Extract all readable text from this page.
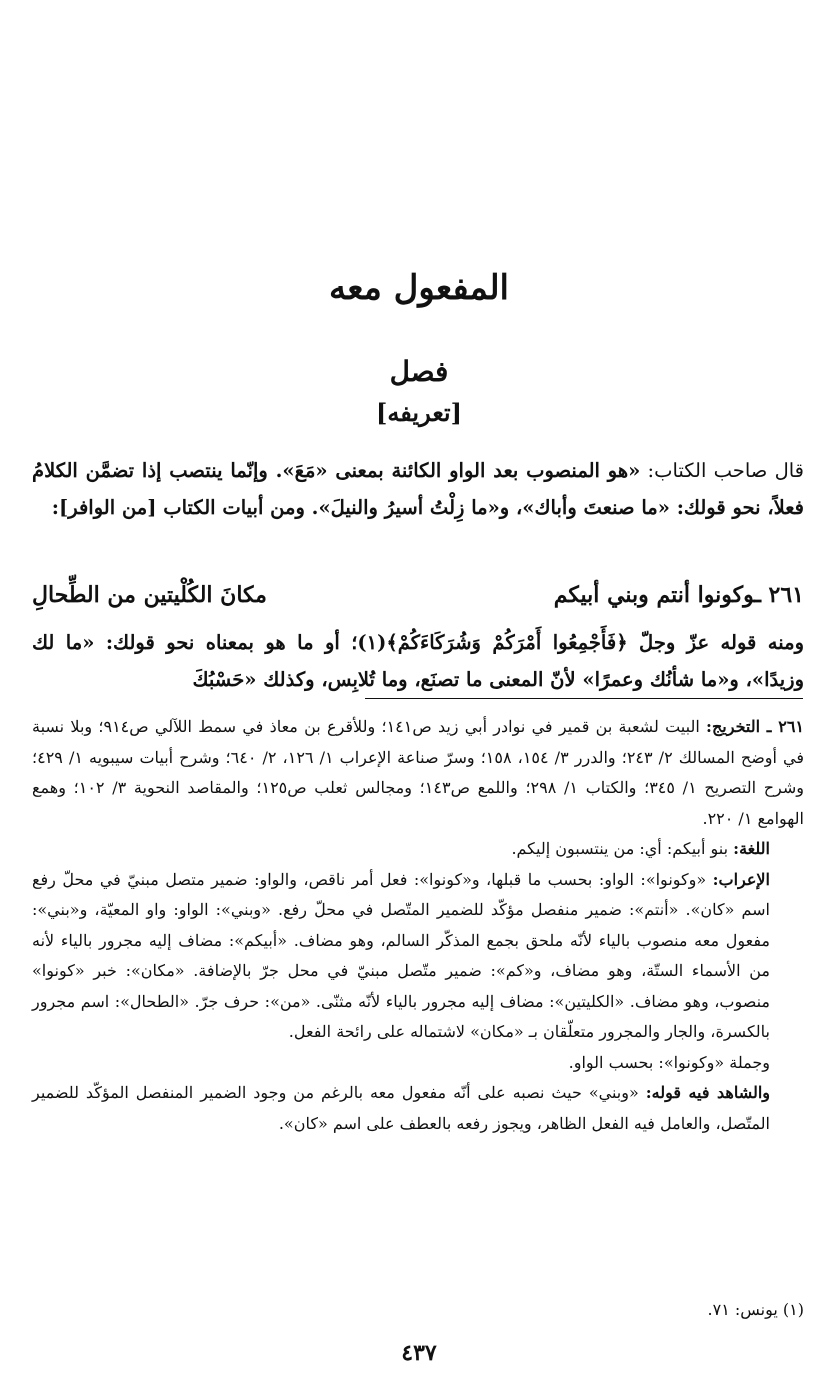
المفعول معه
فصل
[تعريفه]

قال صاحب الكتاب: «هو المنصوب بعد الواو الكائنة بمعنى «مَعَ». وإنّما ينتصب إذا تضمَّن الكلامُ فعلاً، نحو قولك: «ما صنعتَ وأباك»، و«ما زِلْتُ أسيرُ والنيلَ». ومن أبيات الكتاب [من الوافر]:

٢٦١ ـوكونوا أنتم وبني أبيكم
مكانَ الكُلْيتين من الطِّحالِ
ومنه قوله عزّ وجلّ ﴿فَأَجْمِعُوا أَمْرَكُمْ وَشُرَكَاءَكُمْ﴾(١)؛ أو ما هو بمعناه نحو قولك: «ما لك وزيدًا»، و«ما شأنُك وعمرًا» لأنّ المعنى ما تصنَع، وما تُلابِس، وكذلك «حَسْبُكَ

٢٦١ ـ التخريج: البيت لشعبة بن قمير في نوادر أبي زيد ص١٤١؛ وللأقرع بن معاذ في سمط اللآلي ص٩١٤؛ وبلا نسبة في أوضح المسالك ٢/ ٢٤٣؛ والدرر ٣/ ١٥٤، ١٥٨؛ وسرّ صناعة الإعراب ١/ ١٢٦، ٢/ ٦٤٠؛ وشرح أبيات سيبويه ١/ ٤٢٩؛ وشرح التصريح ١/ ٣٤٥؛ والكتاب ١/ ٢٩٨؛ واللمع ص١٤٣؛ ومجالس ثعلب ص١٢٥؛ والمقاصد النحوية ٣/ ١٠٢؛ وهمع الهوامع ١/ ٢٢٠.

اللغة: بنو أبيكم: أي: من ينتسبون إليكم.

الإعراب: «وكونوا»: الواو: بحسب ما قبلها، و«كونوا»: فعل أمر ناقص، والواو: ضمير متصل مبنيّ في محلّ رفع اسم «كان». «أنتم»: ضمير منفصل مؤكّد للضمير المتّصل في محلّ رفع. «وبني»: الواو: واو المعيّة، و«بني»: مفعول معه منصوب بالياء لأنّه ملحق بجمع المذكّر السالم، وهو مضاف. «أبيكم»: مضاف إليه مجرور بالياء لأنه من الأسماء الستّة، وهو مضاف، و«كم»: ضمير متّصل مبنيّ في محل جرّ بالإضافة. «مكان»: خبر «كونوا» منصوب، وهو مضاف. «الكليتين»: مضاف إليه مجرور بالياء لأنّه مثنّى. «من»: حرف جرّ. «الطحال»: اسم مجرور بالكسرة، والجار والمجرور متعلّقان بـ «مكان» لاشتماله على رائحة الفعل.

وجملة «وكونوا»: بحسب الواو.

والشاهد فيه قوله: «وبني» حيث نصبه على أنّه مفعول معه بالرغم من وجود الضمير المنفصل المؤكّد للضمير المتّصل، والعامل فيه الفعل الظاهر، ويجوز رفعه بالعطف على اسم «كان».

(١) يونس: ٧١.
٤٣٧
